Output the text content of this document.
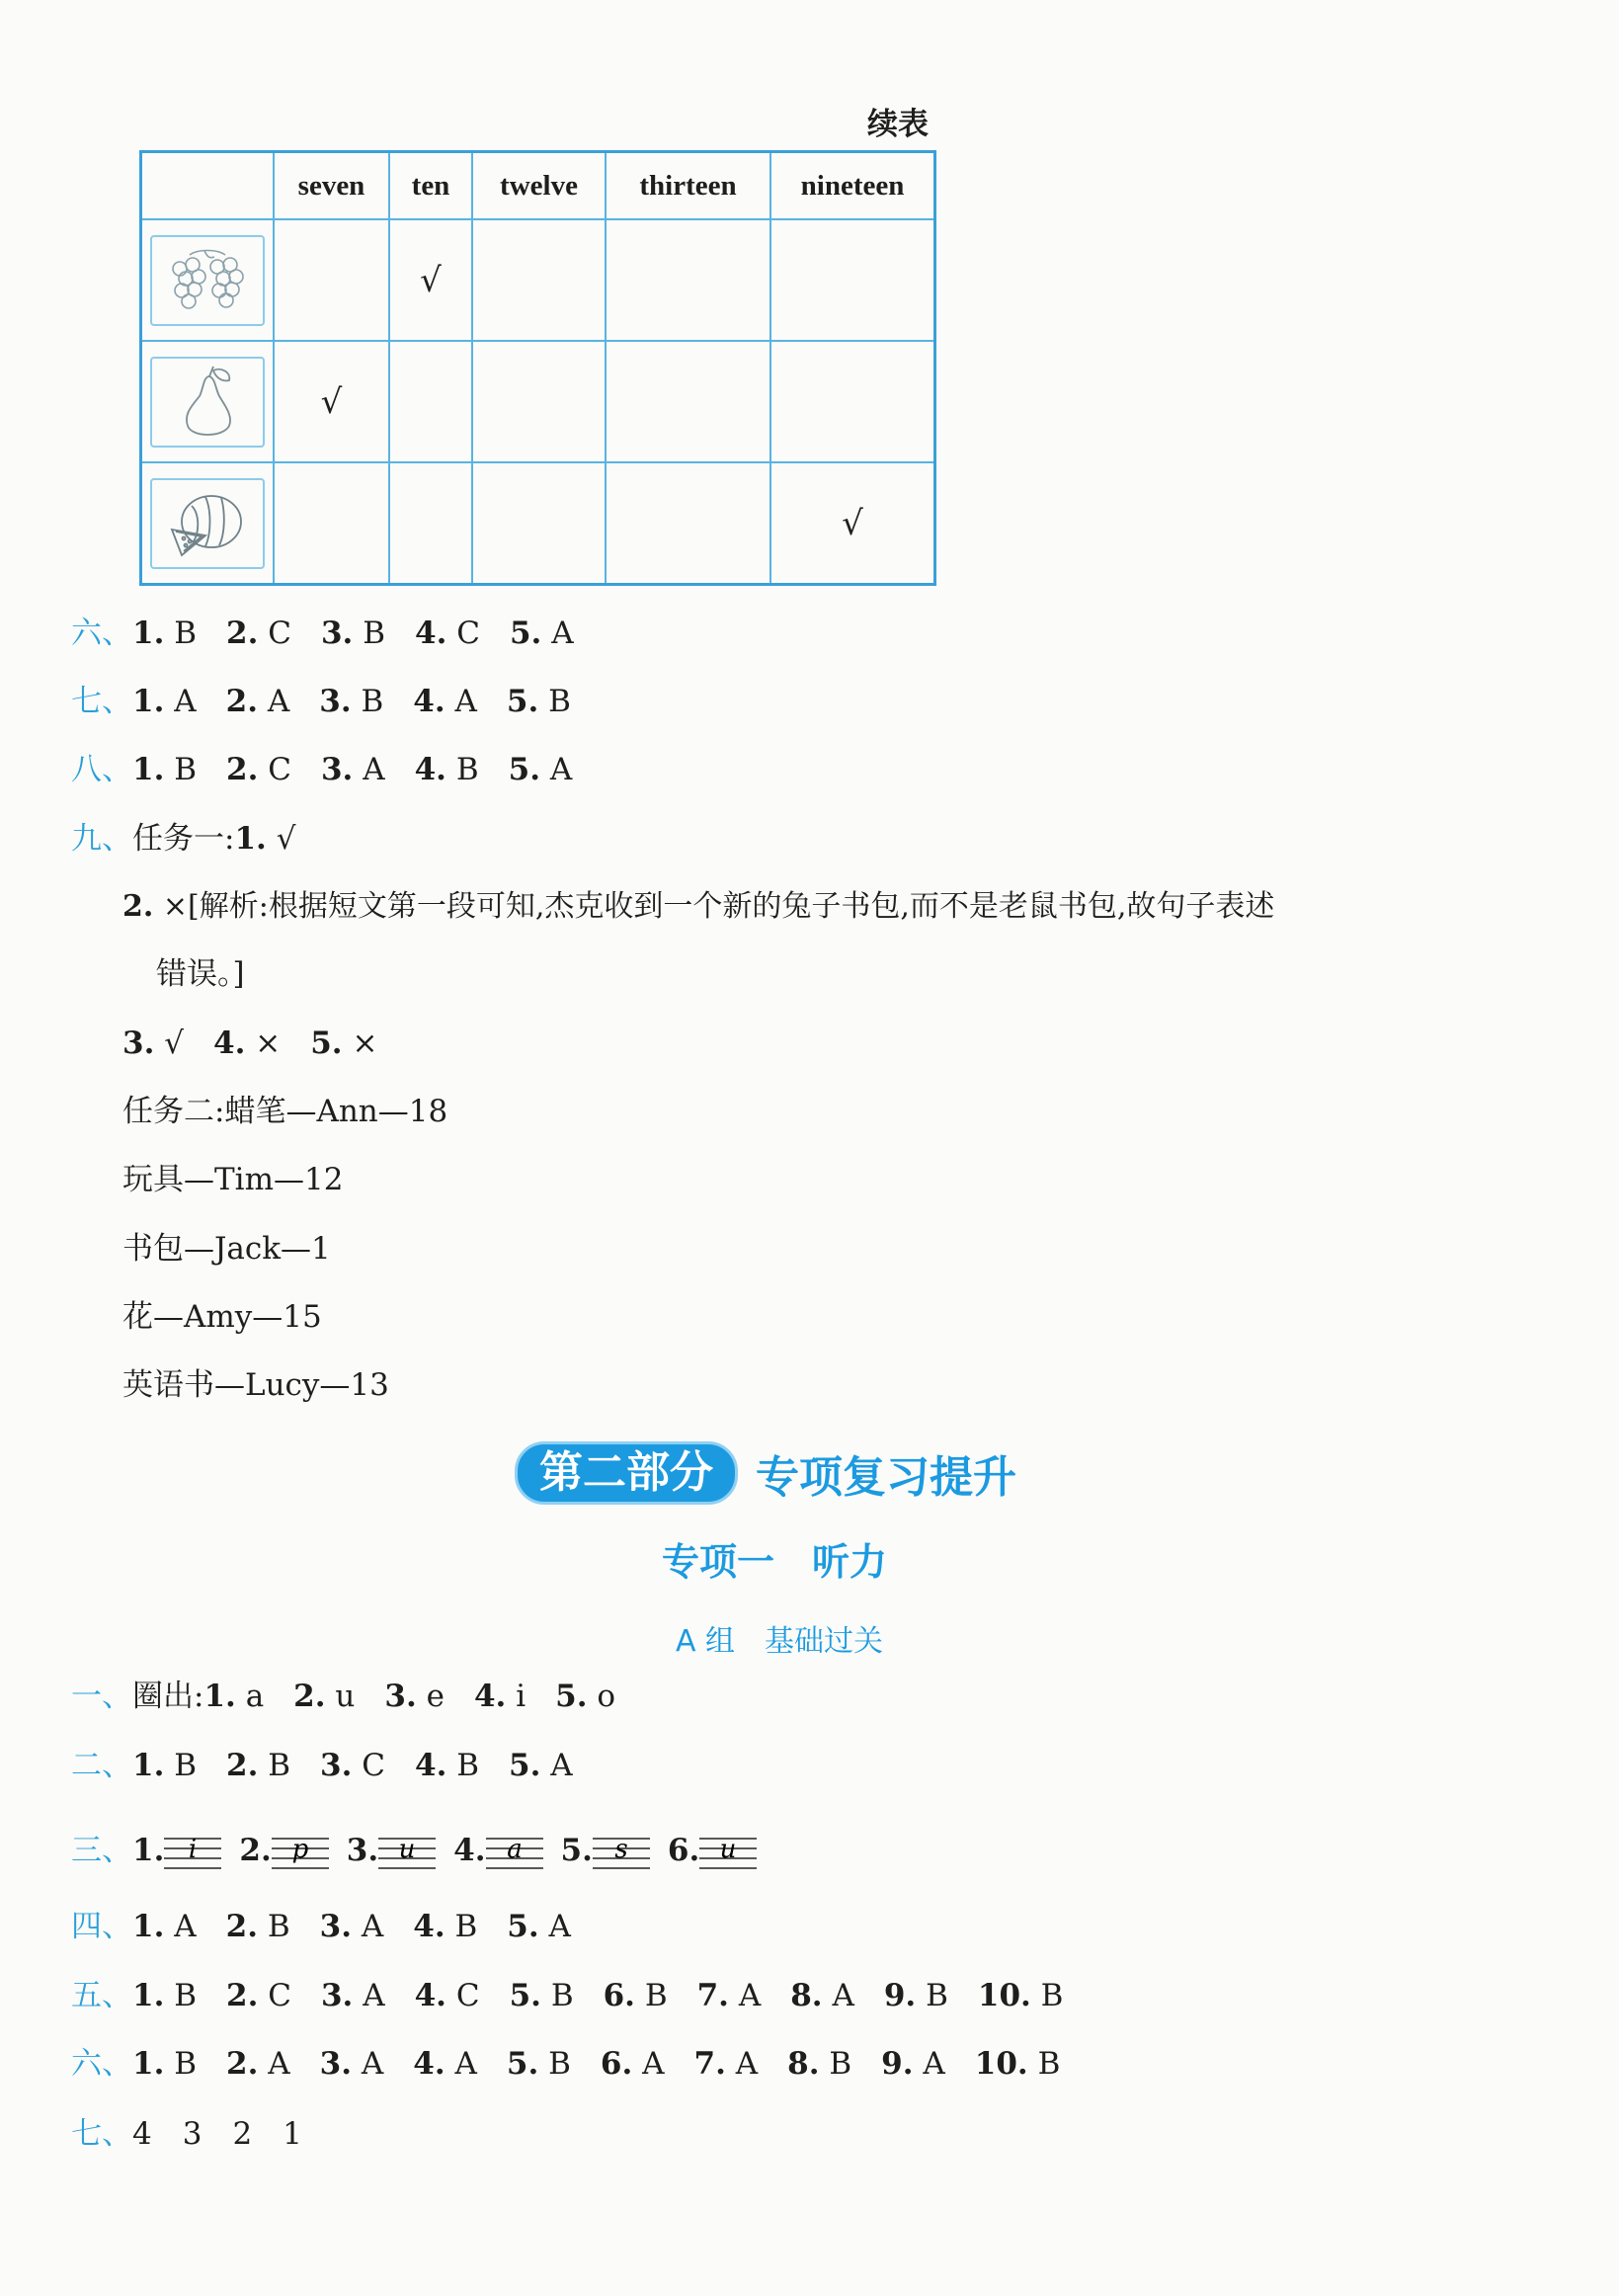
续表
	seven	ten	twelve	thirteen	nineteen

		√			

	√				

					√
六、1. B 2. C 3. B 4. C 5. A
七、1. A 2. A 3. B 4. A 5. B
八、1. B 2. C 3. A 4. B 5. A
九、任务一:1. √
2. ×[解析:根据短文第一段可知,杰克收到一个新的兔子书包,而不是老鼠书包,故句子表述
错误。]
3. √ 4. × 5. ×
任务二:蜡笔—Ann—18
玩具—Tim—12
书包—Jack—1
花—Amy—15
英语书—Lucy—13
第二部分 专项复习提升
专项一　听力
A 组　基础过关
一、圈出:1. a 2. u 3. e 4. i 5. o
二、1. B 2. B 3. C 4. B 5. A
三、1. i 2. p 3. u 4. a 5. s 6. u
四、1. A 2. B 3. A 4. B 5. A
五、1. B 2. C 3. A 4. C 5. B 6. B 7. A 8. A 9. B 10. B
六、1. B 2. A 3. A 4. A 5. B 6. A 7. A 8. B 9. A 10. B
七、4　3　2　1
